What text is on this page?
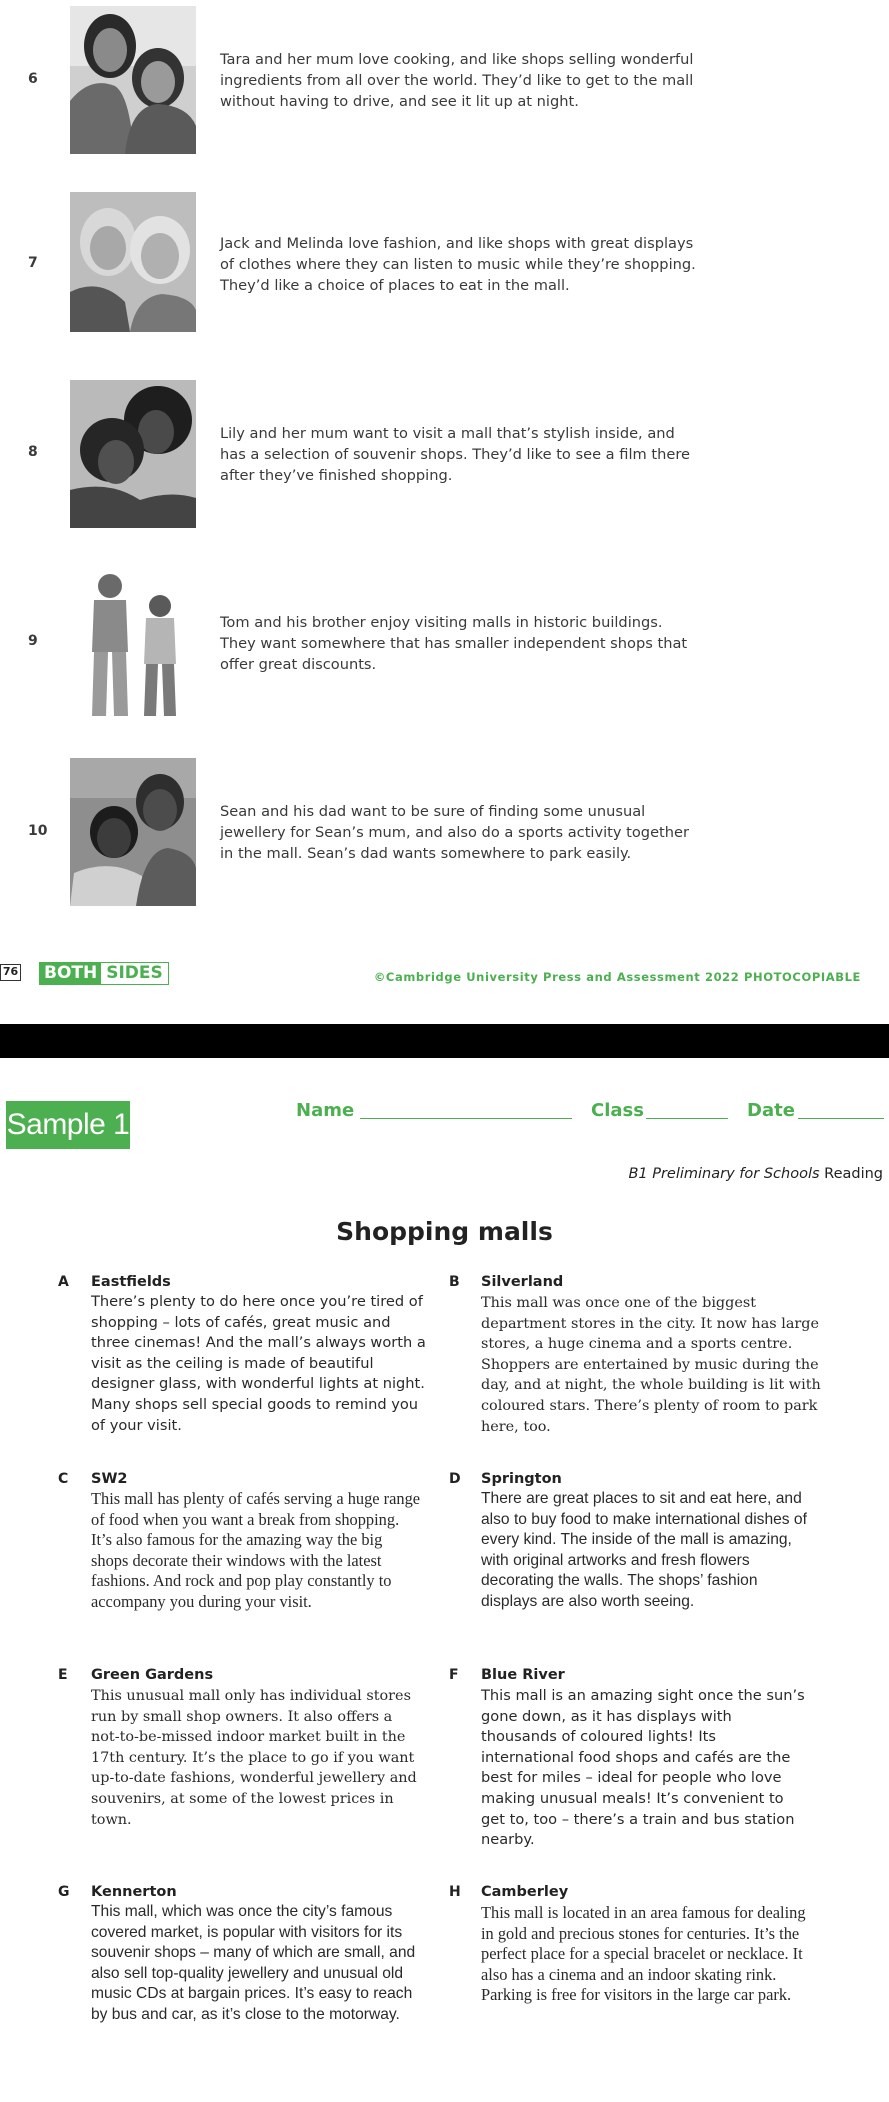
6
Tara and her mum love cooking, and like shops selling wonderful ingredients from all over the world. They’d like to get to the mall without having to drive, and see it lit up at night.
7
Jack and Melinda love fashion, and like shops with great displays of clothes where they can listen to music while they’re shopping. They’d like a choice of places to eat in the mall.
8
Lily and her mum want to visit a mall that’s stylish inside, and has a selection of souvenir shops. They’d like to see a film there after they’ve finished shopping.
9
Tom and his brother enjoy visiting malls in historic buildings. They want somewhere that has smaller independent shops that offer great discounts.
10
Sean and his dad want to be sure of finding some unusual jewellery for Sean’s mum, and also do a sports activity together in the mall. Sean’s dad wants somewhere to park easily.
76 BOTH SIDES	©Cambridge University Press and Assessment 2022 PHOTOCOPIABLE
Sample 1	Name	Class	Date
B1 Preliminary for Schools Reading
Shopping malls
A Eastfields
There’s plenty to do here once you’re tired of shopping – lots of cafés, great music and three cinemas! And the mall’s always worth a visit as the ceiling is made of beautiful designer glass, with wonderful lights at night. Many shops sell special goods to remind you of your visit.
B Silverland
This mall was once one of the biggest department stores in the city. It now has large stores, a huge cinema and a sports centre. Shoppers are entertained by music during the day, and at night, the whole building is lit with coloured stars. There’s plenty of room to park here, too.
C SW2
This mall has plenty of cafés serving a huge range of food when you want a break from shopping. It’s also famous for the amazing way the big shops decorate their windows with the latest fashions. And rock and pop play constantly to accompany you during your visit.
D Springton
There are great places to sit and eat here, and also to buy food to make international dishes of every kind. The inside of the mall is amazing, with original artworks and fresh flowers decorating the walls. The shops’ fashion displays are also worth seeing.
E Green Gardens
This unusual mall only has individual stores run by small shop owners. It also offers a not-to-be-missed indoor market built in the 17th century. It’s the place to go if you want up-to-date fashions, wonderful jewellery and souvenirs, at some of the lowest prices in town.
F Blue River
This mall is an amazing sight once the sun’s gone down, as it has displays with thousands of coloured lights! Its international food shops and cafés are the best for miles – ideal for people who love making unusual meals! It’s convenient to get to, too – there’s a train and bus station nearby.
G Kennerton
This mall, which was once the city’s famous covered market, is popular with visitors for its souvenir shops – many of which are small, and also sell top-quality jewellery and unusual old music CDs at bargain prices. It’s easy to reach by bus and car, as it’s close to the motorway.
H Camberley
This mall is located in an area famous for dealing in gold and precious stones for centuries. It’s the perfect place for a special bracelet or necklace. It also has a cinema and an indoor skating rink. Parking is free for visitors in the large car park.
